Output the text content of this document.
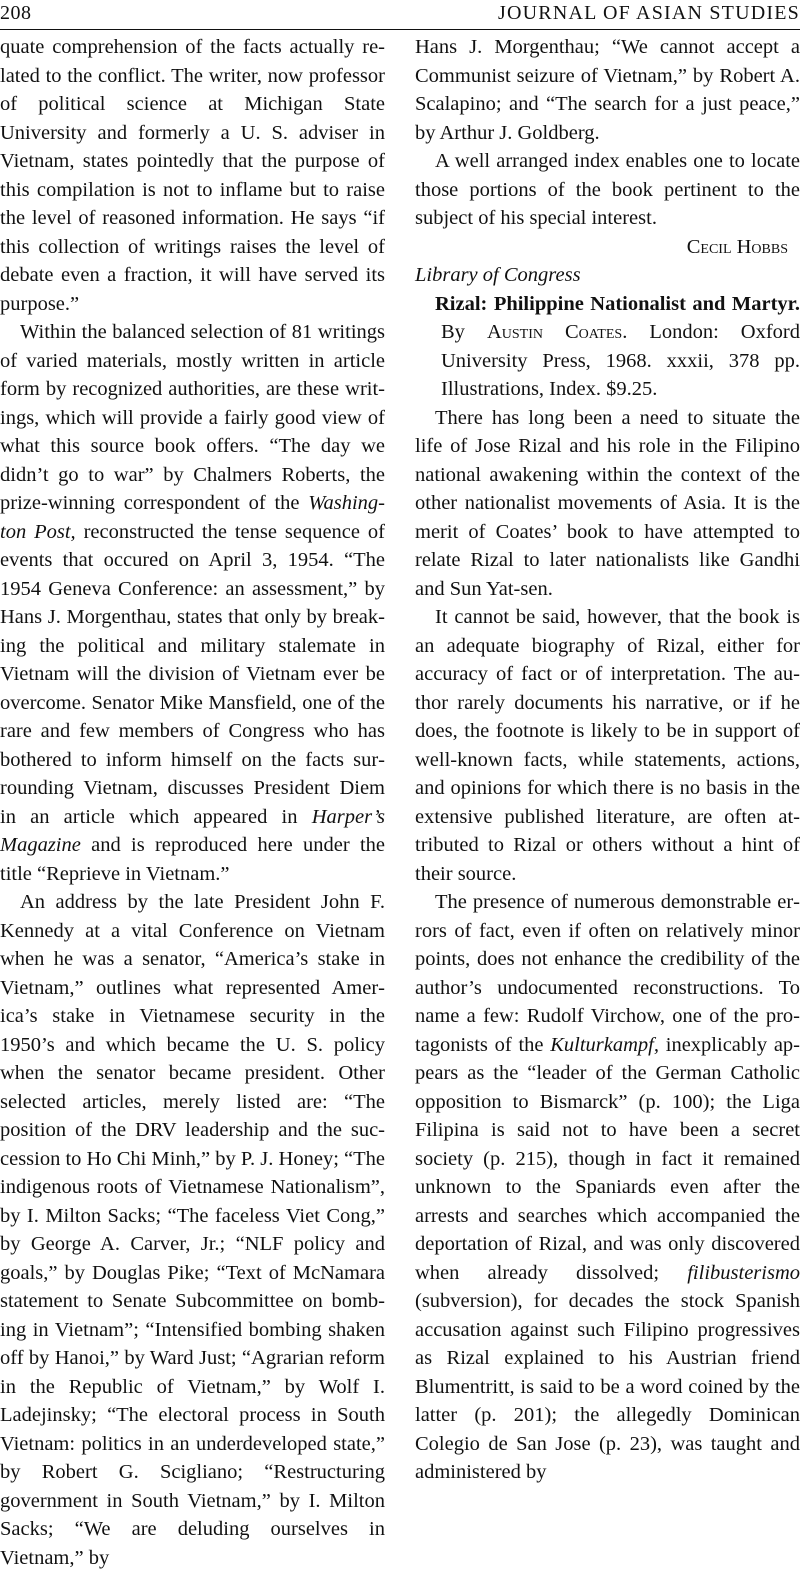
208	JOURNAL OF ASIAN STUDIES

quate comprehension of the facts actually related to the conflict. The writer, now professor of political science at Michigan State University and formerly a U. S. adviser in Vietnam, states pointedly that the purpose of this compilation is not to inflame but to raise the level of reasoned information. He says “if this collection of writings raises the level of debate even a fraction, it will have served its purpose.”

Within the balanced selection of 81 writings of varied materials, mostly written in article form by recognized authorities, are these writings, which will provide a fairly good view of what this source book offers. “The day we didn’t go to war” by Chalmers Roberts, the prize-winning correspondent of the Washington Post, reconstructed the tense sequence of events that occured on April 3, 1954. “The 1954 Geneva Conference: an assessment,” by Hans J. Morgenthau, states that only by breaking the political and military stalemate in Vietnam will the division of Vietnam ever be overcome. Senator Mike Mansfield, one of the rare and few members of Congress who has bothered to inform himself on the facts surrounding Vietnam, discusses President Diem in an article which appeared in Harper’s Magazine and is reproduced here under the title “Reprieve in Vietnam.”

An address by the late President John F. Kennedy at a vital Conference on Vietnam when he was a senator, “America’s stake in Vietnam,” outlines what represented America’s stake in Vietnamese security in the 1950’s and which became the U. S. policy when the senator became president. Other selected articles, merely listed are: “The position of the DRV leadership and the succession to Ho Chi Minh,” by P. J. Honey; “The indigenous roots of Vietnamese Nationalism”, by I. Milton Sacks; “The faceless Viet Cong,” by George A. Carver, Jr.; “NLF policy and goals,” by Douglas Pike; “Text of McNamara statement to Senate Subcommittee on bombing in Vietnam”; “Intensified bombing shaken off by Hanoi,” by Ward Just; “Agrarian reform in the Republic of Vietnam,” by Wolf I. Ladejinsky; “The electoral process in South Vietnam: politics in an underdeveloped state,” by Robert G. Scigliano; “Restructuring government in South Vietnam,” by I. Milton Sacks; “We are deluding ourselves in Vietnam,” by

Hans J. Morgenthau; “We cannot accept a Communist seizure of Vietnam,” by Robert A. Scalapino; and “The search for a just peace,” by Arthur J. Goldberg.

A well arranged index enables one to locate those portions of the book pertinent to the subject of his special interest.

Cecil Hobbs

Library of Congress

Rizal: Philippine Nationalist and Martyr. By Austin Coates. London: Oxford University Press, 1968. xxxii, 378 pp. Illustrations, Index. $9.25.

There has long been a need to situate the life of Jose Rizal and his role in the Filipino national awakening within the context of the other nationalist movements of Asia. It is the merit of Coates’ book to have attempted to relate Rizal to later nationalists like Gandhi and Sun Yat-sen.

It cannot be said, however, that the book is an adequate biography of Rizal, either for accuracy of fact or of interpretation. The author rarely documents his narrative, or if he does, the footnote is likely to be in support of well-known facts, while statements, actions, and opinions for which there is no basis in the extensive published literature, are often attributed to Rizal or others without a hint of their source.

The presence of numerous demonstrable errors of fact, even if often on relatively minor points, does not enhance the credibility of the author’s undocumented reconstructions. To name a few: Rudolf Virchow, one of the protagonists of the Kulturkampf, inexplicably appears as the “leader of the German Catholic opposition to Bismarck” (p. 100); the Liga Filipina is said not to have been a secret society (p. 215), though in fact it remained unknown to the Spaniards even after the arrests and searches which accompanied the deportation of Rizal, and was only discovered when already dissolved; filibusterismo (subversion), for decades the stock Spanish accusation against such Filipino progressives as Rizal explained to his Austrian friend Blumentritt, is said to be a word coined by the latter (p. 201); the allegedly Dominican Colegio de San Jose (p. 23), was taught and administered by
